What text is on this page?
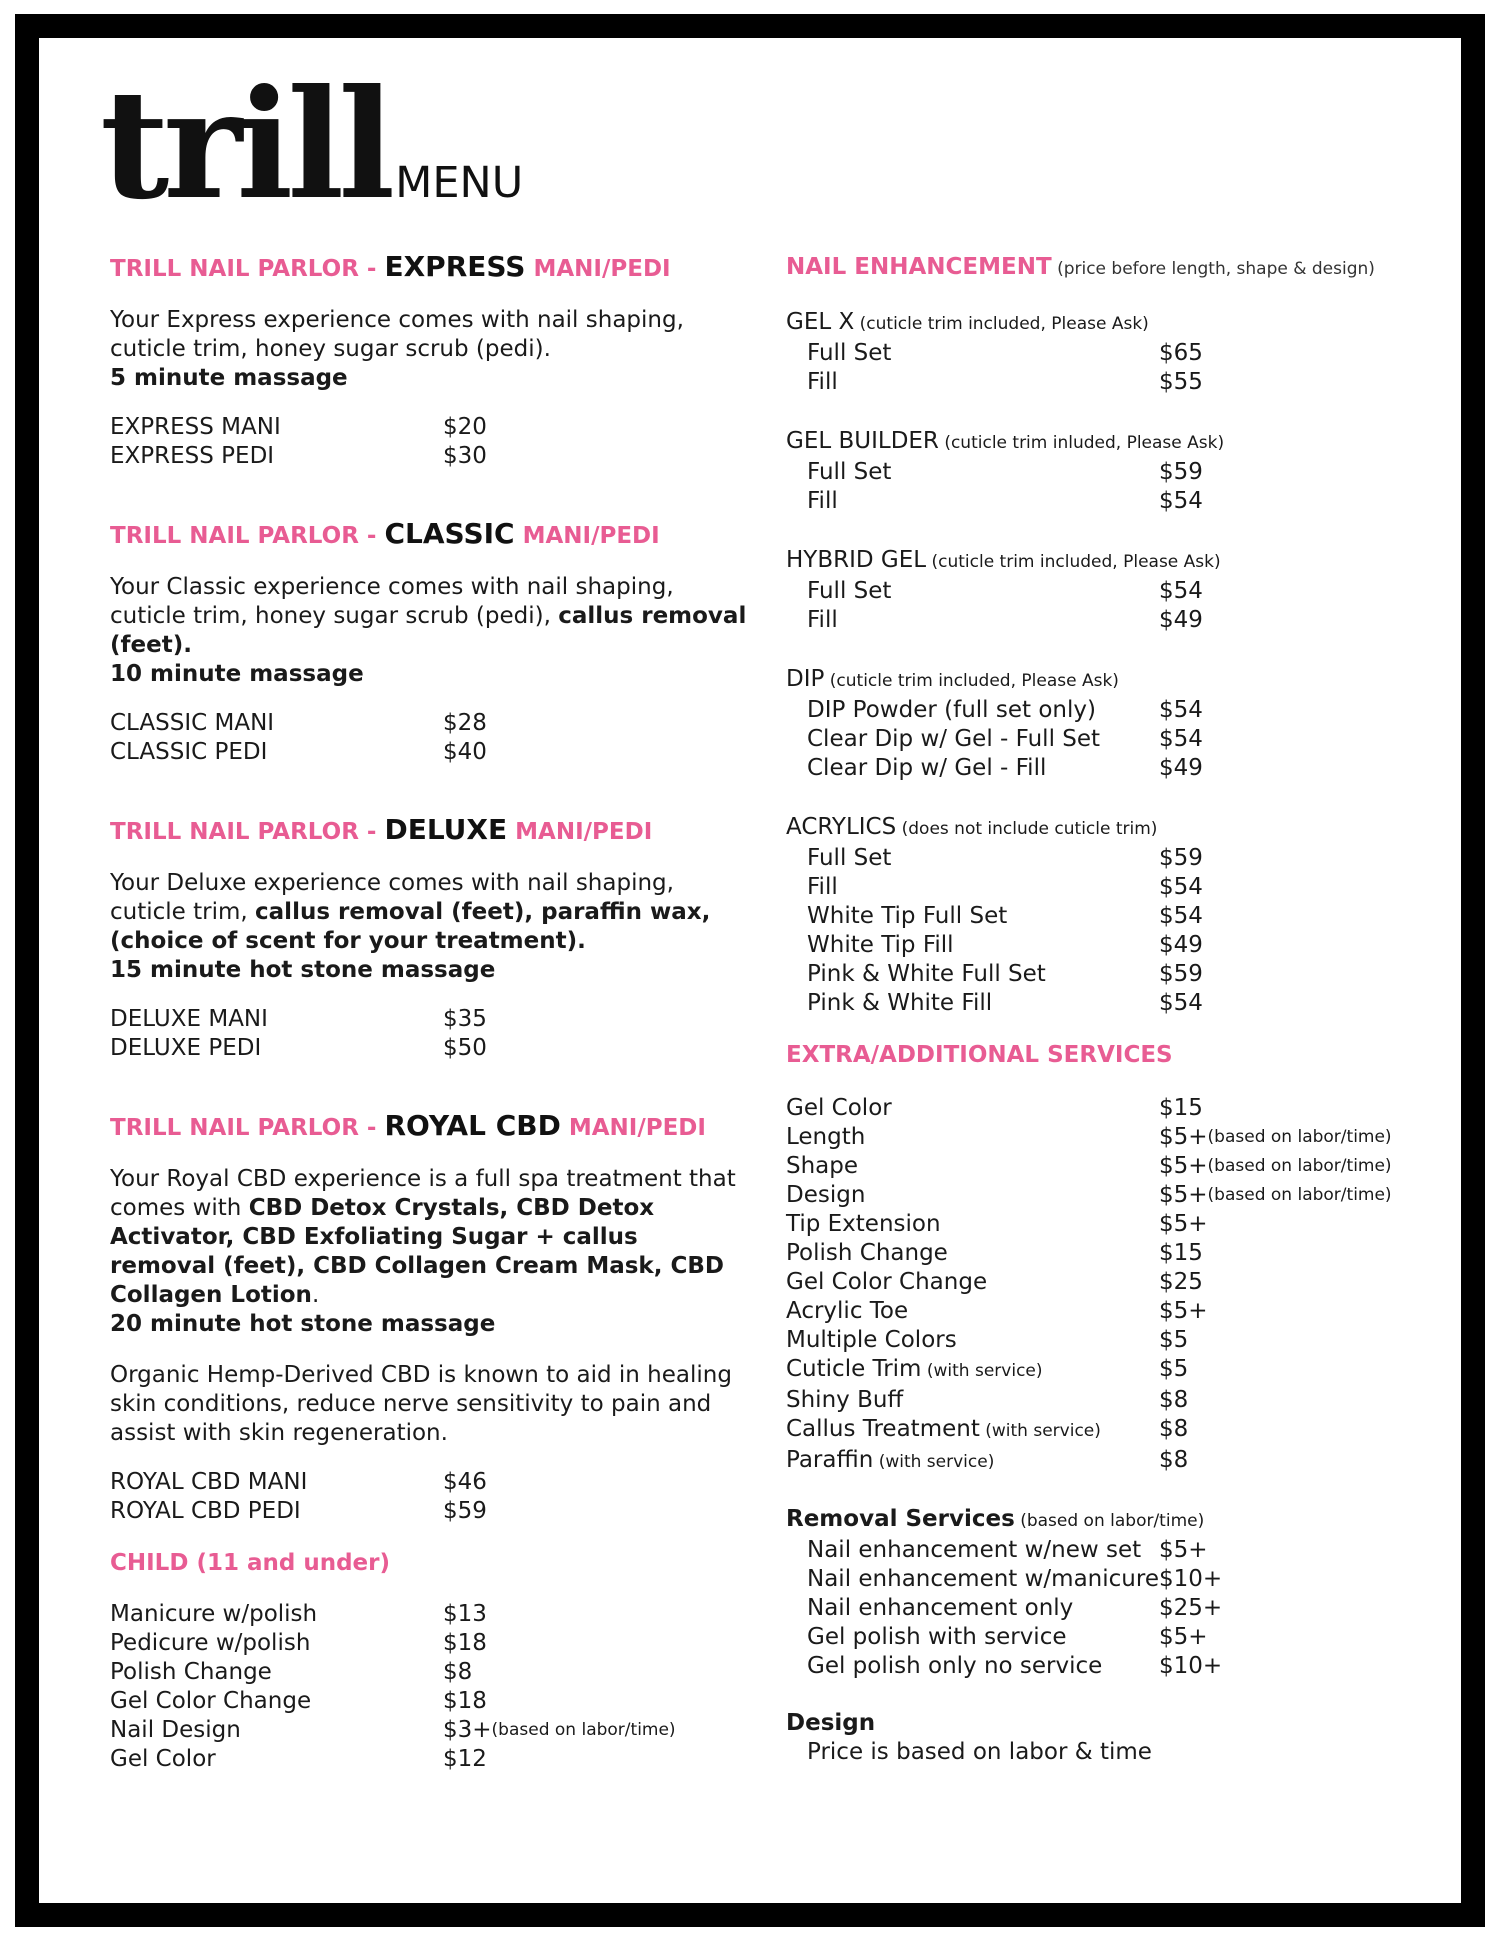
trill MENU
TRILL NAIL PARLOR - EXPRESS MANI/PEDI
Your Express experience comes with nail shaping, cuticle trim, honey sugar scrub (pedi).
5 minute massage
EXPRESS MANI	$20
EXPRESS PEDI	$30
TRILL NAIL PARLOR - CLASSIC MANI/PEDI
Your Classic experience comes with nail shaping, cuticle trim, honey sugar scrub (pedi), callus removal (feet).
10 minute massage
CLASSIC MANI	$28
CLASSIC PEDI	$40
TRILL NAIL PARLOR - DELUXE MANI/PEDI
Your Deluxe experience comes with nail shaping, cuticle trim, callus removal (feet), paraffin wax, (choice of scent for your treatment).
15 minute hot stone massage
DELUXE MANI	$35
DELUXE PEDI	$50
TRILL NAIL PARLOR - ROYAL CBD MANI/PEDI
Your Royal CBD experience is a full spa treatment that comes with CBD Detox Crystals, CBD Detox Activator, CBD Exfoliating Sugar + callus removal (feet), CBD Collagen Cream Mask, CBD Collagen Lotion.
20 minute hot stone massage
Organic Hemp-Derived CBD is known to aid in healing skin conditions, reduce nerve sensitivity to pain and assist with skin regeneration.
ROYAL CBD MANI	$46
ROYAL CBD PEDI	$59
CHILD (11 and under)
Manicure w/polish	$13
Pedicure w/polish	$18
Polish Change	$8
Gel Color Change	$18
Nail Design	$3+ (based on labor/time)
Gel Color	$12
NAIL ENHANCEMENT (price before length, shape & design)
GEL X (cuticle trim included, Please Ask)
Full Set	$65
Fill	$55
GEL BUILDER (cuticle trim inluded, Please Ask)
Full Set	$59
Fill	$54
HYBRID GEL (cuticle trim included, Please Ask)
Full Set	$54
Fill	$49
DIP (cuticle trim included, Please Ask)
DIP Powder (full set only)	$54
Clear Dip w/ Gel - Full Set	$54
Clear Dip w/ Gel - Fill	$49
ACRYLICS (does not include cuticle trim)
Full Set	$59
Fill	$54
White Tip Full Set	$54
White Tip Fill	$49
Pink & White Full Set	$59
Pink & White Fill	$54
EXTRA/ADDITIONAL SERVICES
Gel Color	$15
Length	$5+ (based on labor/time)
Shape	$5+ (based on labor/time)
Design	$5+ (based on labor/time)
Tip Extension	$5+
Polish Change	$15
Gel Color Change	$25
Acrylic Toe	$5+
Multiple Colors	$5
Cuticle Trim (with service)	$5
Shiny Buff	$8
Callus Treatment (with service)	$8
Paraffin (with service)	$8
Removal Services (based on labor/time)
Nail enhancement w/new set $5+
Nail enhancement w/manicure $10+
Nail enhancement only	$25+
Gel polish with service	$5+
Gel polish only no service	$10+
Design
Price is based on labor & time
